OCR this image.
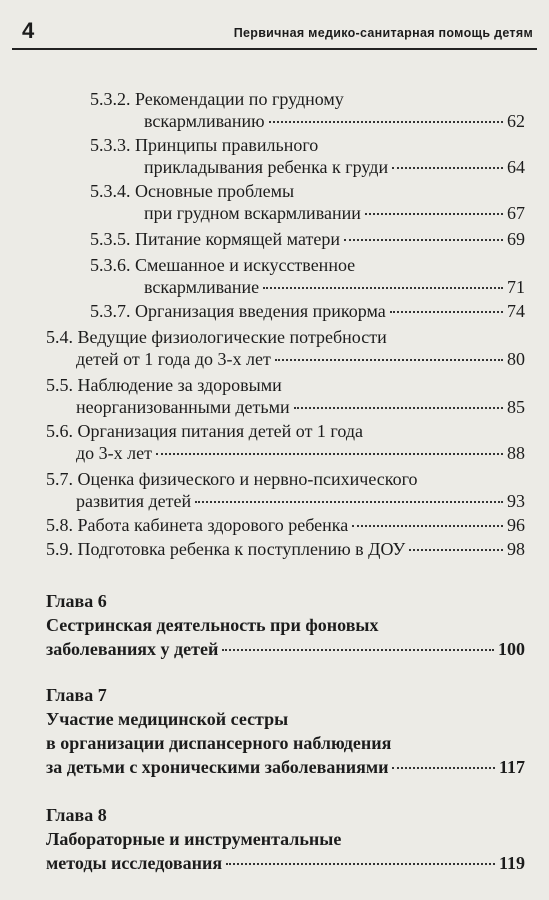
4	Первичная медико-санитарная помощь детям
5.3.2. Рекомендации по грудному
вскармливанию	62
5.3.3. Принципы правильного
прикладывания ребенка к груди	64
5.3.4. Основные проблемы
при грудном вскармливании	67
5.3.5. Питание кормящей матери	69
5.3.6. Смешанное и искусственное
вскармливание	71
5.3.7. Организация введения прикорма	74
5.4. Ведущие физиологические потребности
детей от 1 года до 3-х лет	80
5.5. Наблюдение за здоровыми
неорганизованными детьми	85
5.6. Организация питания детей от 1 года
до 3-х лет	88
5.7. Оценка физического и нервно-психического
развития детей	93
5.8. Работа кабинета здорового ребенка	96
5.9. Подготовка ребенка к поступлению в ДОУ	98
Глава 6
Сестринская деятельность при фоновых
заболеваниях у детей	100
Глава 7
Участие медицинской сестры
в организации диспансерного наблюдения
за детьми с хроническими заболеваниями	117
Глава 8
Лабораторные и инструментальные
методы исследования	119
